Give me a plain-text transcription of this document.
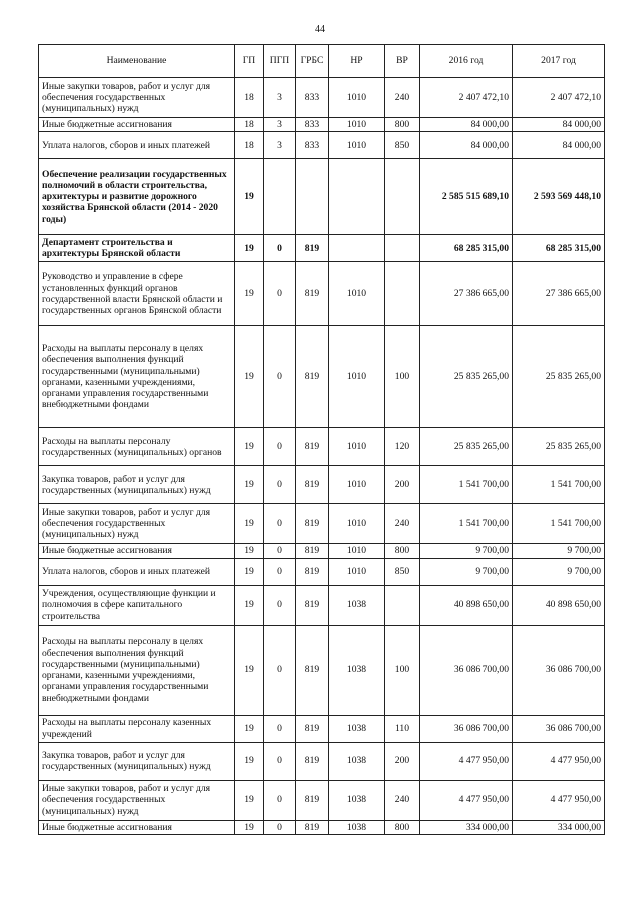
44
Наименование	ГП	ПГП	ГРБС	НР	ВР	2016 год	2017 год
Иные закупки товаров, работ и услуг для обеспечения государственных (муниципальных) нужд	18	3	833	1010	240	2 407 472,10	2 407 472,10
Иные бюджетные ассигнования	18	3	833	1010	800	84 000,00	84 000,00
Уплата налогов, сборов и иных платежей	18	3	833	1010	850	84 000,00	84 000,00
Обеспечение реализации государственных полномочий в области строительства, архитектуры и развитие дорожного хозяйства Брянской области (2014 - 2020 годы)	19					2 585 515 689,10	2 593 569 448,10
Департамент строительства и архитектуры Брянской области	19	0	819			68 285 315,00	68 285 315,00
Руководство и управление в сфере установленных функций органов государственной власти Брянской области и государственных органов Брянской области	19	0	819	1010		27 386 665,00	27 386 665,00
Расходы на выплаты персоналу в целях обеспечения выполнения функций государственными (муниципальными) органами, казенными учреждениями, органами управления государственными внебюджетными фондами	19	0	819	1010	100	25 835 265,00	25 835 265,00
Расходы на выплаты персоналу государственных (муниципальных) органов	19	0	819	1010	120	25 835 265,00	25 835 265,00
Закупка товаров, работ и услуг для государственных (муниципальных) нужд	19	0	819	1010	200	1 541 700,00	1 541 700,00
Иные закупки товаров, работ и услуг для обеспечения государственных (муниципальных) нужд	19	0	819	1010	240	1 541 700,00	1 541 700,00
Иные бюджетные ассигнования	19	0	819	1010	800	9 700,00	9 700,00
Уплата налогов, сборов и иных платежей	19	0	819	1010	850	9 700,00	9 700,00
Учреждения, осуществляющие функции и полномочия в сфере капитального строительства	19	0	819	1038		40 898 650,00	40 898 650,00
Расходы на выплаты персоналу в целях обеспечения выполнения функций государственными (муниципальными) органами, казенными учреждениями, органами управления государственными внебюджетными фондами	19	0	819	1038	100	36 086 700,00	36 086 700,00
Расходы на выплаты персоналу казенных учреждений	19	0	819	1038	110	36 086 700,00	36 086 700,00
Закупка товаров, работ и услуг для государственных (муниципальных) нужд	19	0	819	1038	200	4 477 950,00	4 477 950,00
Иные закупки товаров, работ и услуг для обеспечения государственных (муниципальных) нужд	19	0	819	1038	240	4 477 950,00	4 477 950,00
Иные бюджетные ассигнования	19	0	819	1038	800	334 000,00	334 000,00
